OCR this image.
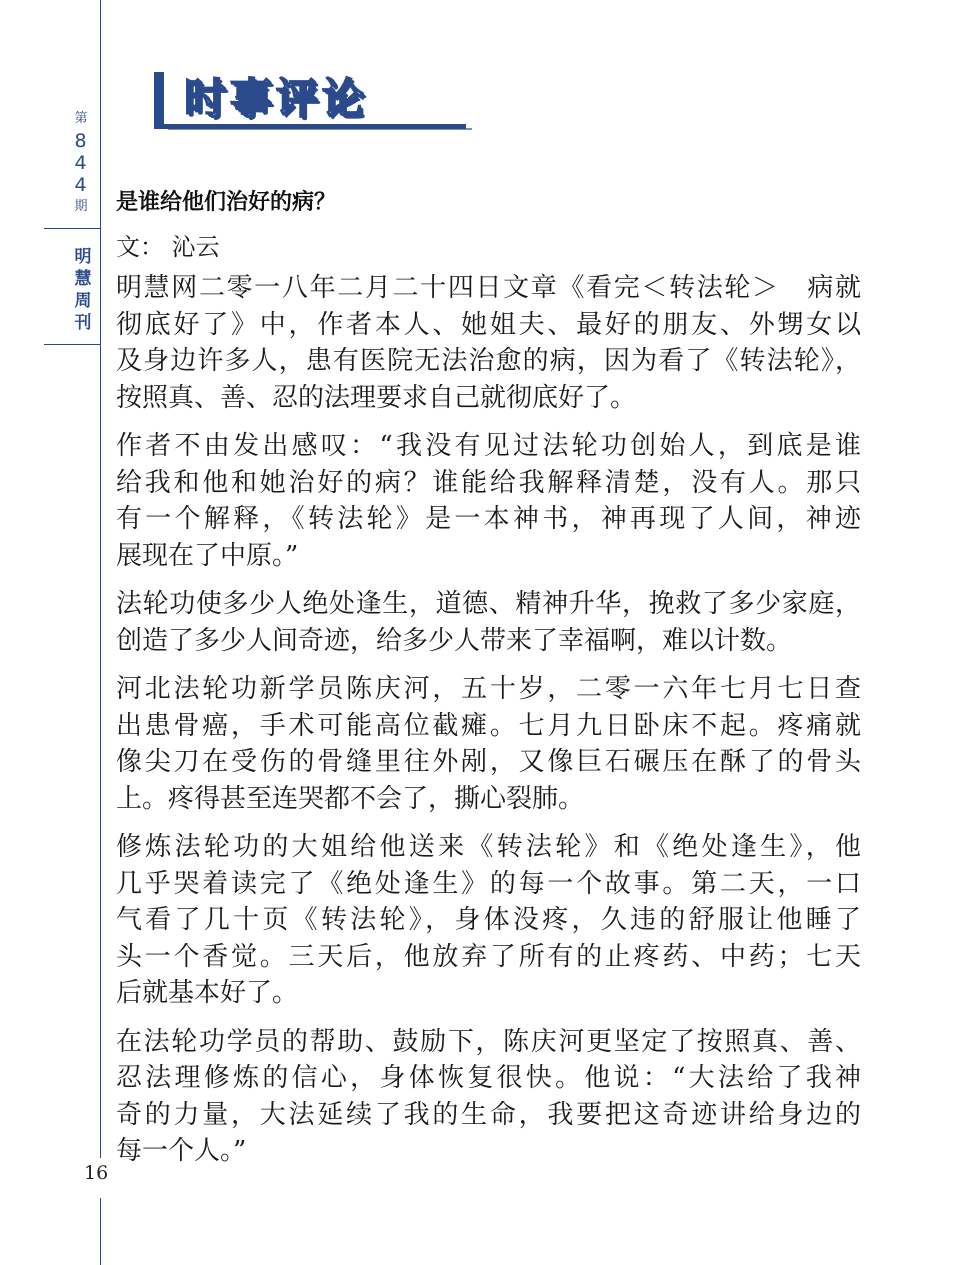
第
8
4
4
期
明
慧
周
刊
时事评论
是谁给他们治好的病？
文： 沁云

明慧网二零一八年二月二十四日文章《看完＜转法轮＞　病就
彻底好了》中，作者本人、她姐夫、最好的朋友、外甥女以
及身边许多人，患有医院无法治愈的病，因为看了《转法轮》，
按照真、善、忍的法理要求自己就彻底好了。

作者不由发出感叹：“我没有见过法轮功创始人，到底是谁
给我和他和她治好的病？谁能给我解释清楚，没有人。那只
有一个解释，《转法轮》是一本神书，神再现了人间，神迹
展现在了中原。”

法轮功使多少人绝处逢生，道德、精神升华，挽救了多少家庭，
创造了多少人间奇迹，给多少人带来了幸福啊，难以计数。

河北法轮功新学员陈庆河，五十岁，二零一六年七月七日查
出患骨癌，手术可能高位截瘫。七月九日卧床不起。疼痛就
像尖刀在受伤的骨缝里往外剐，又像巨石碾压在酥了的骨头
上。疼得甚至连哭都不会了，撕心裂肺。

修炼法轮功的大姐给他送来《转法轮》和《绝处逢生》，他
几乎哭着读完了《绝处逢生》的每一个故事。第二天，一口
气看了几十页《转法轮》，身体没疼，久违的舒服让他睡了
头一个香觉。三天后，他放弃了所有的止疼药、中药；七天
后就基本好了。

在法轮功学员的帮助、鼓励下，陈庆河更坚定了按照真、善、
忍法理修炼的信心，身体恢复很快。他说：“大法给了我神
奇的力量，大法延续了我的生命，我要把这奇迹讲给身边的
每一个人。”

16
